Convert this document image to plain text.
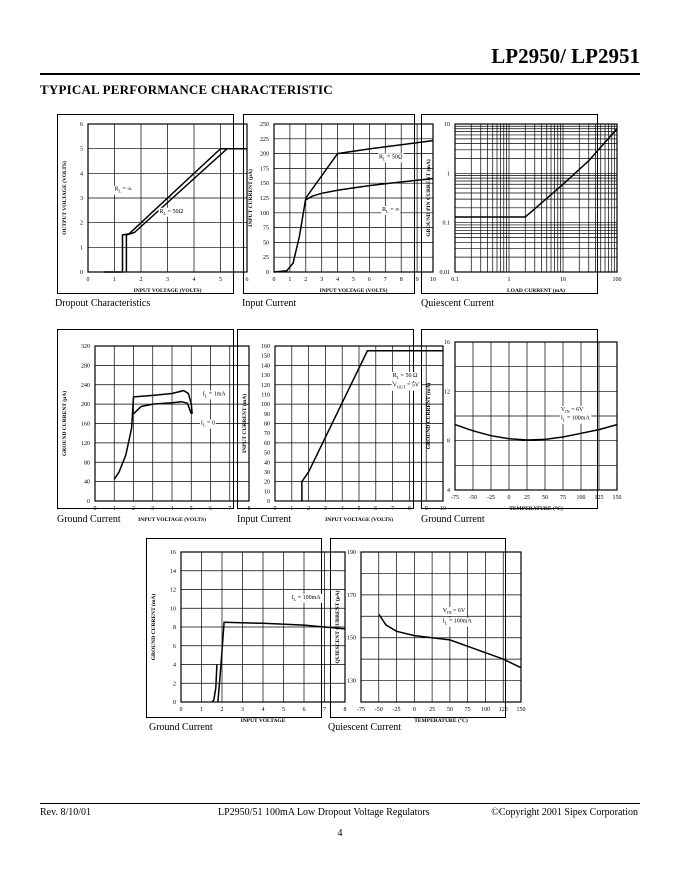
LP2950/ LP2951
TYPICAL PERFORMANCE CHARACTERISTIC
0	1	2	3	4	5	6
0
1
2
3
4
5
6
INPUT VOLTAGE (VOLTS)
OUTPUT VOLTAGE (VOLTS)	$R_L$ = ∞
$R_L = 50\Omega$
Dropout Characteristics
0 1 2 3 4 5 6 7 8 9 10
0
25
50
75
100
125
150
175
200
225
250
INPUT VOLTAGE (VOLTS)
INPUT CURRENT (μA)
$R_L = 50\Omega$
$R_L$ = ∞
Input Current
0.1	1	10	100
0.01
0.1
1
10
LOAD CURRENT (mA)
GROUND PIN CURRENT (mA)
Quiescent Current
0	1	2	3	4	5	6	7	8
0
40
80
120
160
200
240
280
320
INPUT VOLTAGE (VOLTS)
GROUND CURRENT (μA)	$I_L = 1mA$
$I_L = 0$
Ground Current
0 1 2 3 4 5 6 7 8 9 10
0
10
20
30
40
50
60
70
80
90
100
110
120
130
140
150
160
INPUT VOLTAGE (VOLTS)
INPUT CURRENT (mA)
$R_L = 50$ Ω
$V_{OUT} = 5V$
Input Current
-75 -50 -25 0 25 50 75 100 125 150
4
8
12
16
TEMPERATURE (°C)
GROUND CURRENT (mA)	$V_{IN} = 6V$
$I_L = 100mA$
Ground Current
0	1	2	3	4	5	6	7	8
0
2
4
6
8
10
12
14
16
INPUT VOLTAGE
GROUND CURRENT (mA)	$I_L = 100mA$
Ground Current
-75 -50 -25 0 25 50 75 100 125 150
130
150
170
190
TEMPERATURE (°C)
QUIESCENT CURRENT (μA)	$V_{IN} = 6V$
$I_L = 100mA$
Quiescent Current
Rev. 8/10/01	LP2950/51 100mA Low Dropout Voltage Regulators	©Copyright 2001 Sipex Corporation
4
